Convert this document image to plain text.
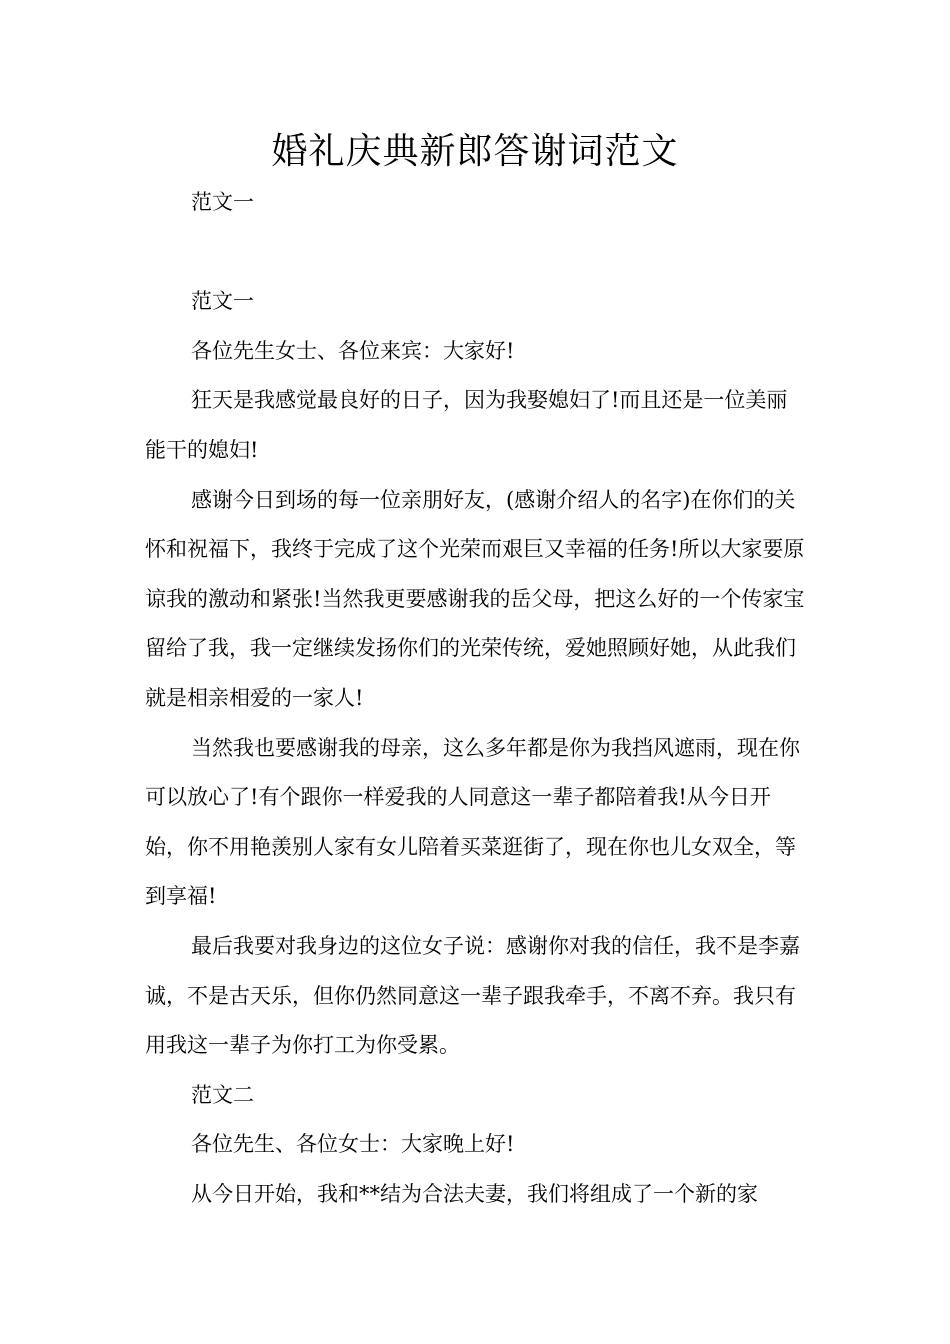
婚礼庆典新郎答谢词范文

范文一

范文一

各位先生女士、各位来宾：大家好!

狂天是我感觉最良好的日子，因为我娶媳妇了!而且还是一位美丽能干的媳妇!

感谢今日到场的每一位亲朋好友，(感谢介绍人的名字)在你们的关怀和祝福下，我终于完成了这个光荣而艰巨又幸福的任务!所以大家要原谅我的激动和紧张!当然我更要感谢我的岳父母，把这么好的一个传家宝留给了我，我一定继续发扬你们的光荣传统，爱她照顾好她，从此我们就是相亲相爱的一家人!

当然我也要感谢我的母亲，这么多年都是你为我挡风遮雨，现在你可以放心了!有个跟你一样爱我的人同意这一辈子都陪着我!从今日开始，你不用艳羡别人家有女儿陪着买菜逛街了，现在你也儿女双全，等到享福!

最后我要对我身边的这位女子说：感谢你对我的信任，我不是李嘉诚，不是古天乐，但你仍然同意这一辈子跟我牵手，不离不弃。我只有用我这一辈子为你打工为你受累。

范文二

各位先生、各位女士：大家晚上好!

从今日开始，我和**结为合法夫妻，我们将组成了一个新的家
